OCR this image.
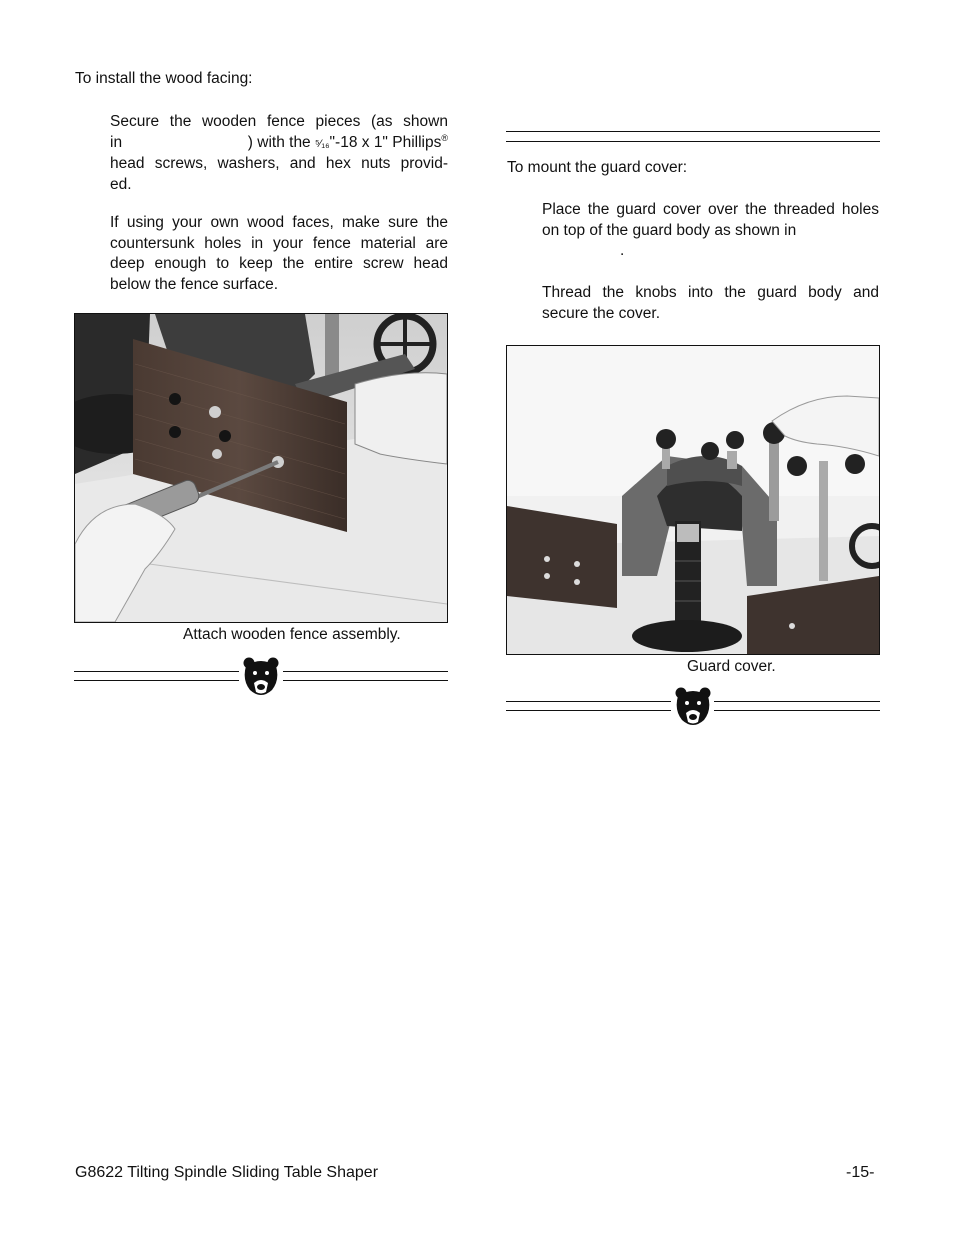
To install the wood facing:
Secure the wooden fence pieces (as shown
in	) with the ⁵⁄₁₆"-18 x 1" Phillips®
head screws, washers, and hex nuts provid-
ed.
If using your own wood faces, make sure the countersunk holes in your fence material are deep enough to keep the entire screw head below the fence surface.
Attach wooden fence assembly.
To mount the guard cover:
Place the guard cover over the threaded holes on top of the guard body as shown in
.
Thread the knobs into the guard body and secure the cover.
Guard cover.
G8622 Tilting Spindle Sliding Table Shaper	-15-
